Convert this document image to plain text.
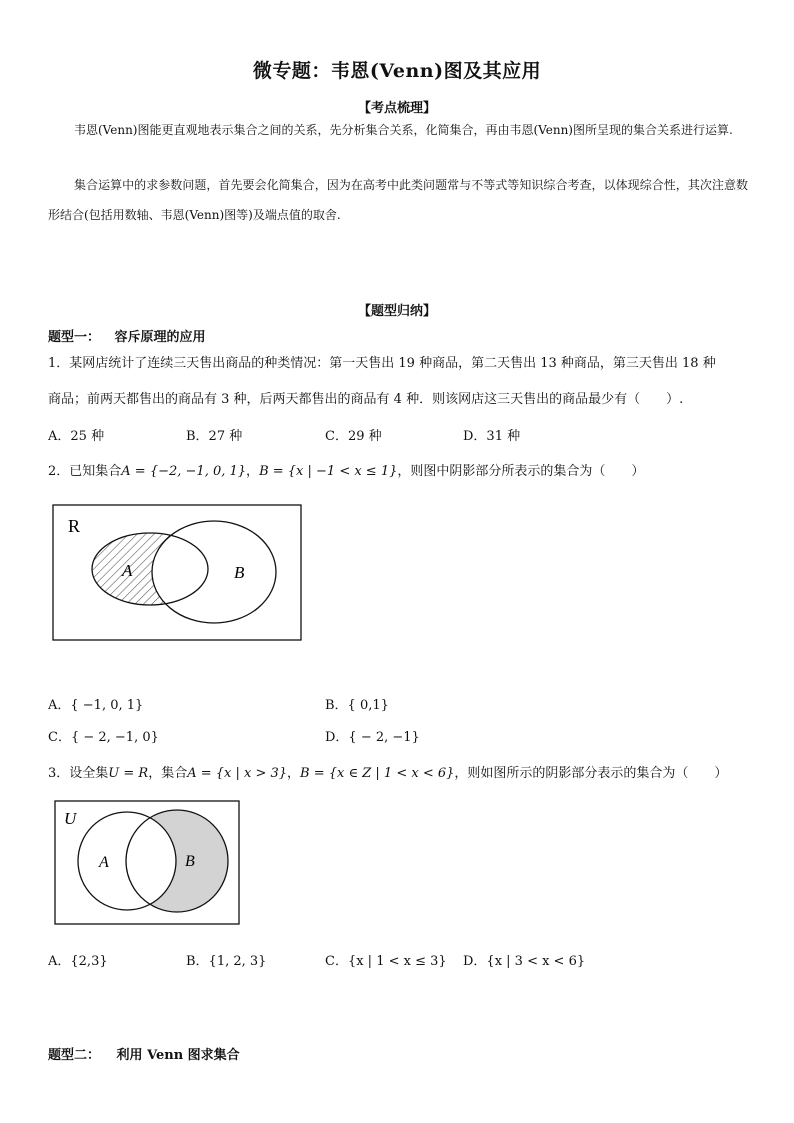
微专题：韦恩(Venn)图及其应用
【考点梳理】

韦恩(Venn)图能更直观地表示集合之间的关系，先分析集合关系，化简集合，再由韦恩(Venn)图所呈现的集合关系进行运算.

集合运算中的求参数问题，首先要会化简集合，因为在高考中此类问题常与不等式等知识综合考查，以体现综合性，其次注意数形结合(包括用数轴、韦恩(Venn)图等)及端点值的取舍.

【题型归纳】
题型一： 容斥原理的应用
1．某网店统计了连续三天售出商品的种类情况：第一天售出 19 种商品，第二天售出 13 种商品，第三天售出 18 种
商品；前两天都售出的商品有 3 种，后两天都售出的商品有 4 种．则该网店这三天售出的商品最少有（　　）.
A．25 种	B．27 种	C．29 种	D．31 种
2．已知集合A = {−2, −1, 0, 1}，B = {x | −1 < x ≤ 1}，则图中阴影部分所表示的集合为（　　）
R
A	B
A．{ −1, 0, 1}	B．{ 0,1}
C．{ − 2, −1, 0}	D．{ − 2, −1}
3．设全集U = R，集合A = {x | x > 3}，B = {x ∈ Z | 1 < x < 6}，则如图所示的阴影部分表示的集合为（　　）
U
A	B
A．{2,3}	B．{1, 2, 3}	C．{x | 1 < x ≤ 3} D．{x | 3 < x < 6}
题型二： 利用 Venn 图求集合
